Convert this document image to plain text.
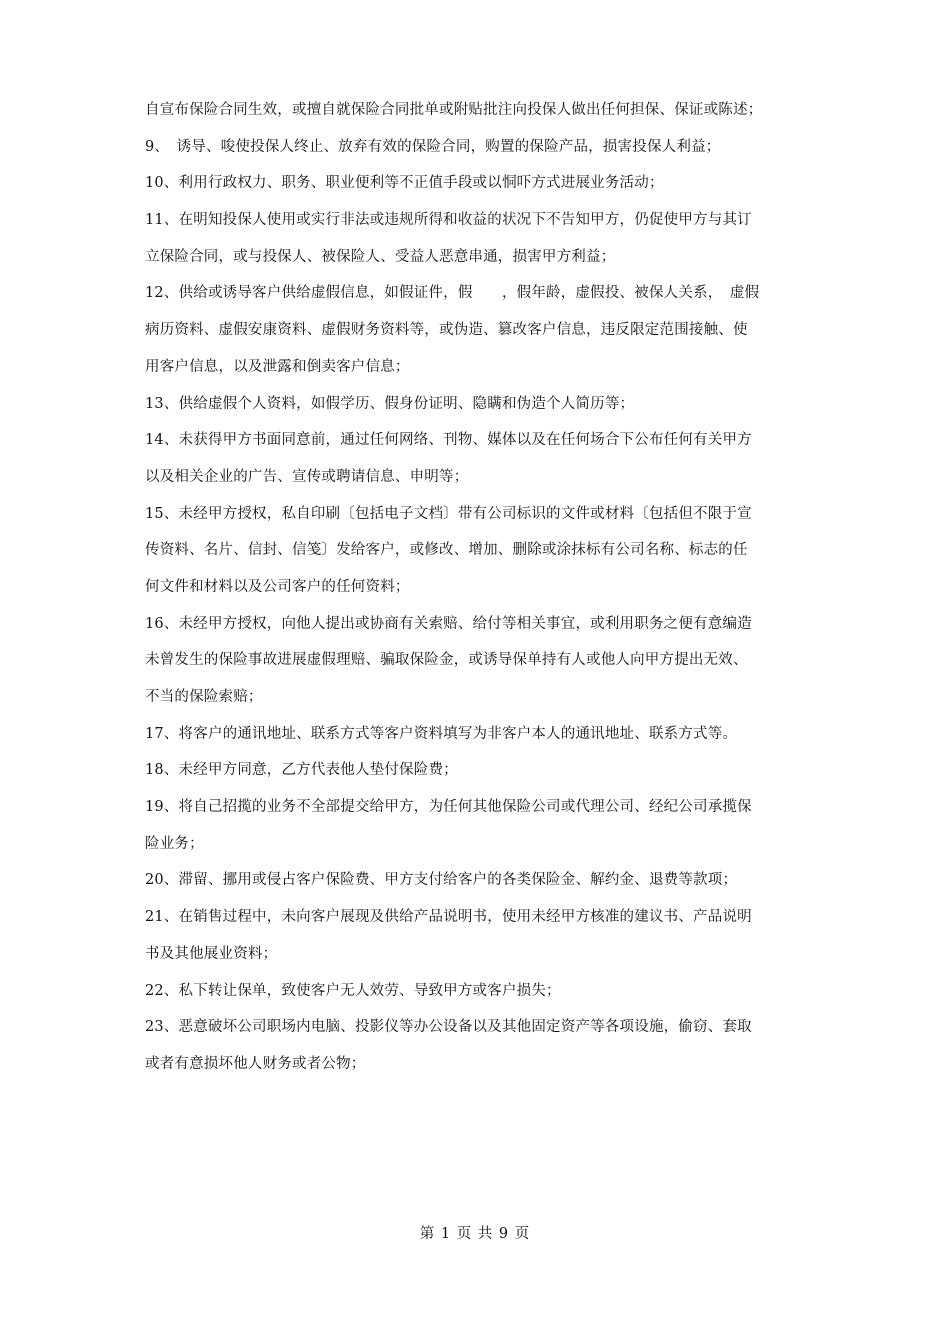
自宣布保险合同生效，或擅自就保险合同批单或附贴批注向投保人做出任何担保、保证或陈述；
9、　诱导、唆使投保人终止、放弃有效的保险合同，购置的保险产品，损害投保人利益；
10、利用行政权力、职务、职业便利等不正值手段或以恫吓方式进展业务活动；
11、在明知投保人使用或实行非法或违规所得和收益的状况下不告知甲方，仍促使甲方与其订
立保险合同，或与投保人、被保险人、受益人恶意串通，损害甲方利益；
12、供给或诱导客户供给虚假信息，如假证件，假　　，假年龄，虚假投、被保人关系，　虚假
病历资料、虚假安康资料、虚假财务资料等，或伪造、篡改客户信息，违反限定范围接触、使
用客户信息，以及泄露和倒卖客户信息；
13、供给虚假个人资料，如假学历、假身份证明、隐瞒和伪造个人简历等；
14、未获得甲方书面同意前，通过任何网络、刊物、媒体以及在任何场合下公布任何有关甲方
以及相关企业的广告、宣传或聘请信息、申明等；
15、未经甲方授权，私自印刷〔包括电子文档〕带有公司标识的文件或材料〔包括但不限于宣
传资料、名片、信封、信笺〕发给客户，或修改、增加、删除或涂抹标有公司名称、标志的任
何文件和材料以及公司客户的任何资料；
16、未经甲方授权，向他人提出或协商有关索赔、给付等相关事宜，或利用职务之便有意编造
未曾发生的保险事故进展虚假理赔、骗取保险金，或诱导保单持有人或他人向甲方提出无效、
不当的保险索赔；
17、将客户的通讯地址、联系方式等客户资料填写为非客户本人的通讯地址、联系方式等。
18、未经甲方同意，乙方代表他人垫付保险费；
19、将自己招揽的业务不全部提交给甲方，为任何其他保险公司或代理公司、经纪公司承揽保
险业务；
20、滞留、挪用或侵占客户保险费、甲方支付给客户的各类保险金、解约金、退费等款项；
21、在销售过程中，未向客户展现及供给产品说明书，使用未经甲方核准的建议书、产品说明
书及其他展业资料；
22、私下转让保单，致使客户无人效劳、导致甲方或客户损失；
23、恶意破坏公司职场内电脑、投影仪等办公设备以及其他固定资产等各项设施，偷窃、套取
或者有意损坏他人财务或者公物；
第 1 页 共 9 页
